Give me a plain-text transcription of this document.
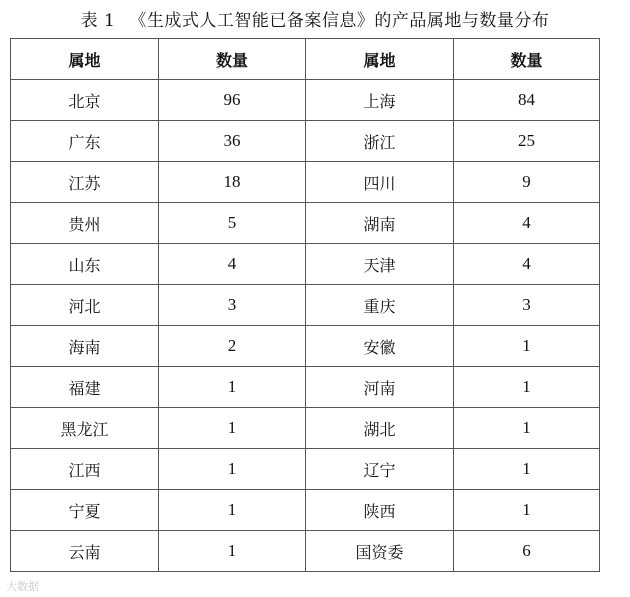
表 1 《生成式人工智能已备案信息》的产品属地与数量分布
属地	数量	属地	数量
北京	96	上海	84
广东	36	浙江	25
江苏	18	四川	9
贵州	5	湖南	4
山东	4	天津	4
河北	3	重庆	3
海南	2	安徽	1
福建	1	河南	1
黑龙江	1	湖北	1
江西	1	辽宁	1
宁夏	1	陕西	1
云南	1	国资委	6
大数据
